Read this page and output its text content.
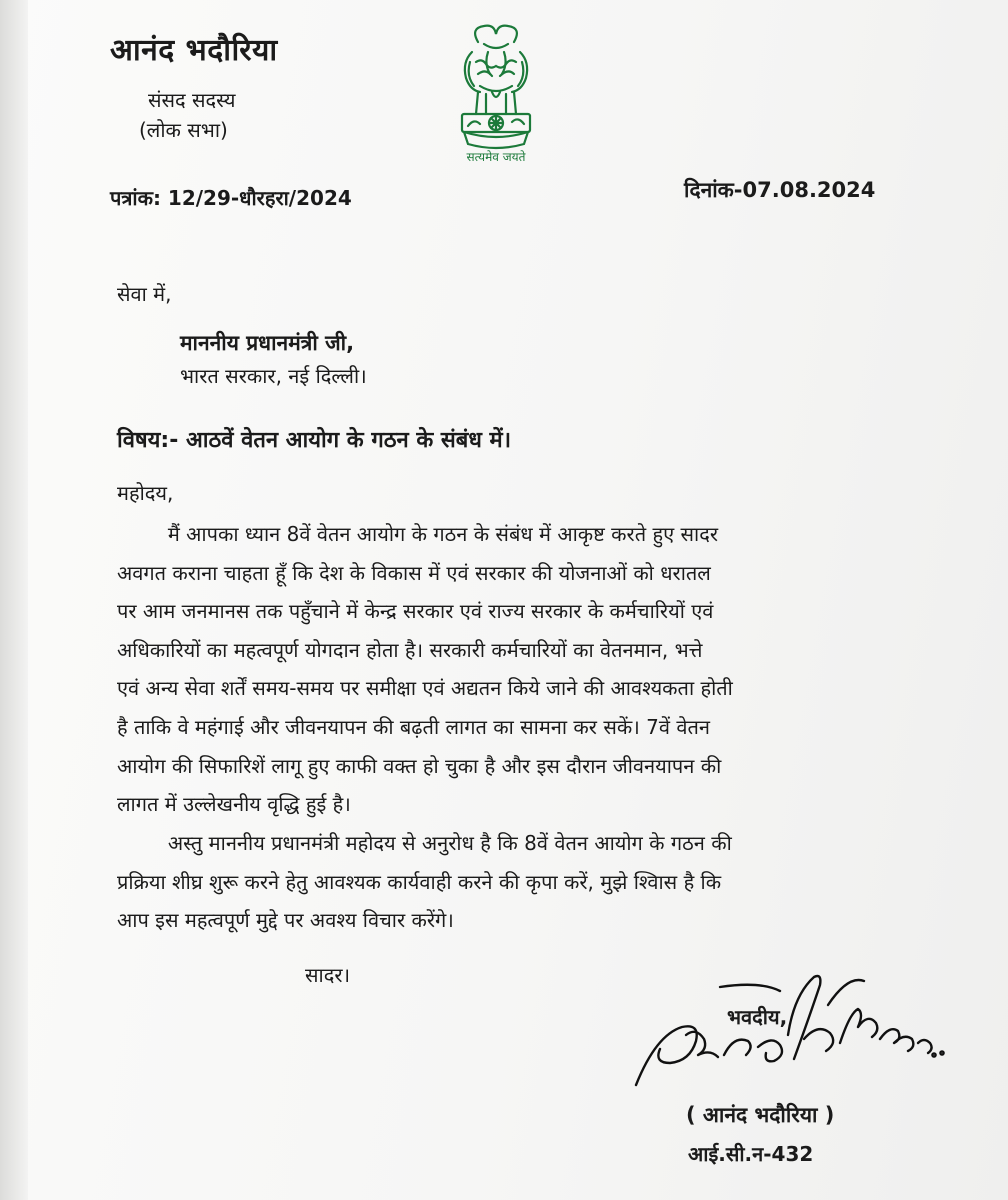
आनंद भदौरिया
संसद सदस्य
(लोक सभा)
सत्यमेव जयते
पत्रांक: 12/29-धौरहरा/2024	दिनांक-07.08.2024
सेवा में,
माननीय प्रधानमंत्री जी,
भारत सरकार, नई दिल्ली।
विषय:- आठवें वेतन आयोग के गठन के संबंध में।
महोदय,
मैं आपका ध्यान 8वें वेतन आयोग के गठन के संबंध में आकृष्ट करते हुए सादर
अवगत कराना चाहता हूँ कि देश के विकास में एवं सरकार की योजनाओं को धरातल
पर आम जनमानस तक पहुँचाने में केन्द्र सरकार एवं राज्य सरकार के कर्मचारियों एवं
अधिकारियों का महत्वपूर्ण योगदान होता है। सरकारी कर्मचारियों का वेतनमान, भत्ते
एवं अन्य सेवा शर्तें समय-समय पर समीक्षा एवं अद्यतन किये जाने की आवश्यकता होती
है ताकि वे महंगाई और जीवनयापन की बढ़ती लागत का सामना कर सकें। 7वें वेतन
आयोग की सिफारिशें लागू हुए काफी वक्त हो चुका है और इस दौरान जीवनयापन की
लागत में उल्लेखनीय वृद्धि हुई है।
अस्तु माननीय प्रधानमंत्री महोदय से अनुरोध है कि 8वें वेतन आयोग के गठन की
प्रक्रिया शीघ्र शुरू करने हेतु आवश्यक कार्यवाही करने की कृपा करें, मुझे श्विास है कि
आप इस महत्वपूर्ण मुद्दे पर अवश्य विचार करेंगे।
सादर।
भवदीय,
( आनंद भदौरिया )
आई.सी.न-432
